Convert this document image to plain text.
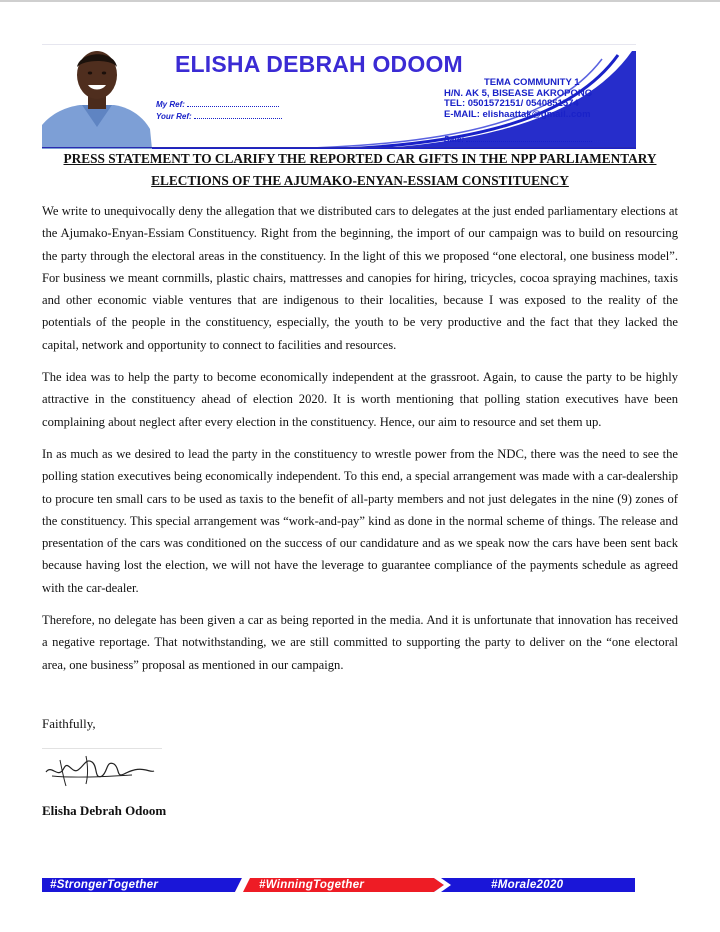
ELISHA DEBRAH ODOOM
My Ref:
Your Ref:
TEMA COMMUNITY 1
H/N. AK 5, BISEASE AKROPONG
TEL: 0501572151/ 0540851574
E-MAIL: elishaattak@gmail..com
Date:
PRESS STATEMENT TO CLARIFY THE REPORTED CAR GIFTS IN THE NPP PARLIAMENTARY
ELECTIONS OF THE AJUMAKO-ENYAN-ESSIAM CONSTITUENCY

We write to unequivocally deny the allegation that we distributed cars to delegates at the just ended parliamentary elections at the Ajumako-Enyan-Essiam Constituency. Right from the beginning, the import of our campaign was to build on resourcing the party through the electoral areas in the constituency. In the light of this we proposed “one electoral, one business model”. For business we meant cornmills, plastic chairs, mattresses and canopies for hiring, tricycles, cocoa spraying machines, taxis and other economic viable ventures that are indigenous to their localities, because I was exposed to the reality of the potentials of the people in the constituency, especially, the youth to be very productive and the fact that they lacked the capital, network and opportunity to connect to facilities and resources.

The idea was to help the party to become economically independent at the grassroot. Again, to cause the party to be highly attractive in the constituency ahead of election 2020. It is worth mentioning that polling station executives have been complaining about neglect after every election in the constituency. Hence, our aim to resource and set them up.

In as much as we desired to lead the party in the constituency to wrestle power from the NDC, there was the need to see the polling station executives being economically independent. To this end, a special arrangement was made with a car-dealership to procure ten small cars to be used as taxis to the benefit of all-party members and not just delegates in the nine (9) zones of the constituency. This special arrangement was “work-and-pay” kind as done in the normal scheme of things. The release and presentation of the cars was conditioned on the success of our candidature and as we speak now the cars have been sent back because having lost the election, we will not have the leverage to guarantee compliance of the payments schedule as agreed with the car-dealer.

Therefore, no delegate has been given a car as being reported in the media. And it is unfortunate that innovation has received a negative reportage. That notwithstanding, we are still committed to supporting the party to deliver on the “one electoral area, one business” proposal as mentioned in our campaign.

Faithfully,
Elisha Debrah Odoom
#StrongerTogether	#WinningTogether	#Morale2020
